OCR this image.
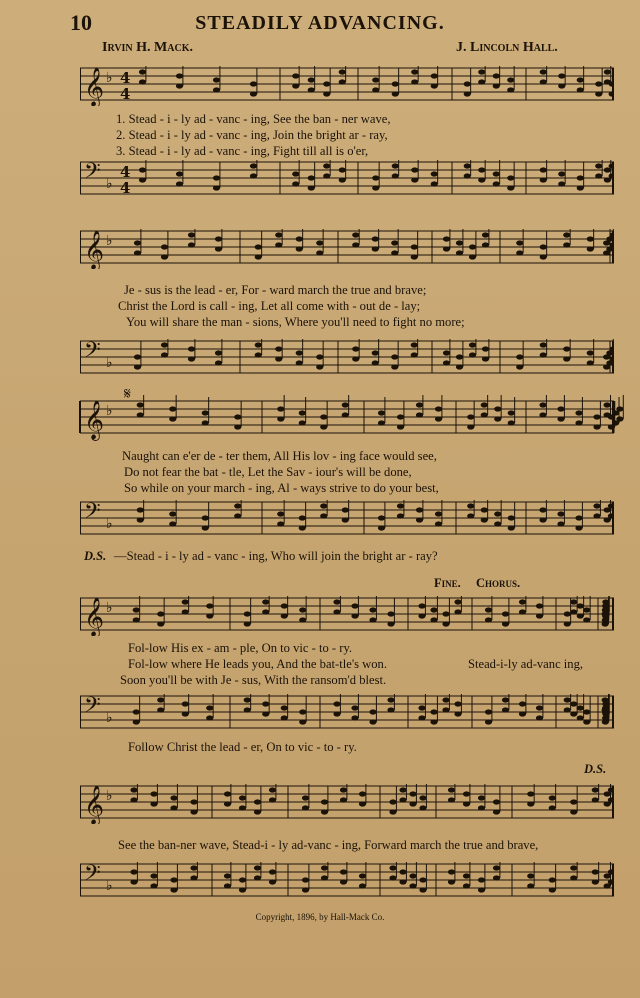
10	STEADILY ADVANCING.
Irvin H. Mack.	J. Lincoln Hall.
𝄞 ♭ 4
4
𝄢 ♭
4
4
𝄞 ♭
𝄢 ♭
𝄞 ♭
𝄋
𝄢 ♭
𝄞 ♭
𝄢 ♭
𝄞 ♭
𝄢 ♭
1. Stead - i - ly ad - vanc - ing, See the ban - ner wave,
2. Stead - i - ly ad - vanc - ing, Join the bright ar - ray,
3. Stead - i - ly ad - vanc - ing, Fight till all is o'er,
Je - sus is the lead - er, For - ward march the true and brave;
Christ the Lord is call - ing, Let all come with - out de - lay;
You will share the man - sions, Where you'll need to fight no more;
Naught can e'er de - ter them, All His lov - ing face would see,
Do not fear the bat - tle, Let the Sav - iour's will be done,
So while on your march - ing, Al - ways strive to do your best,
D.S. —Stead - i - ly ad - vanc - ing, Who will join the bright ar - ray?
Fine. Chorus.
Fol-low His ex - am - ple, On to vic - to - ry.
Fol-low where He leads you, And the bat-tle's won.
Soon you'll be with Je - sus, With the ransom'd blest.
Stead-i-ly ad-vanc ing,
Follow Christ the lead - er, On to vic - to - ry.
D.S.
See the ban-ner wave, Stead-i - ly ad-vanc - ing, Forward march the true and brave,
Copyright, 1896, by Hall-Mack Co.
